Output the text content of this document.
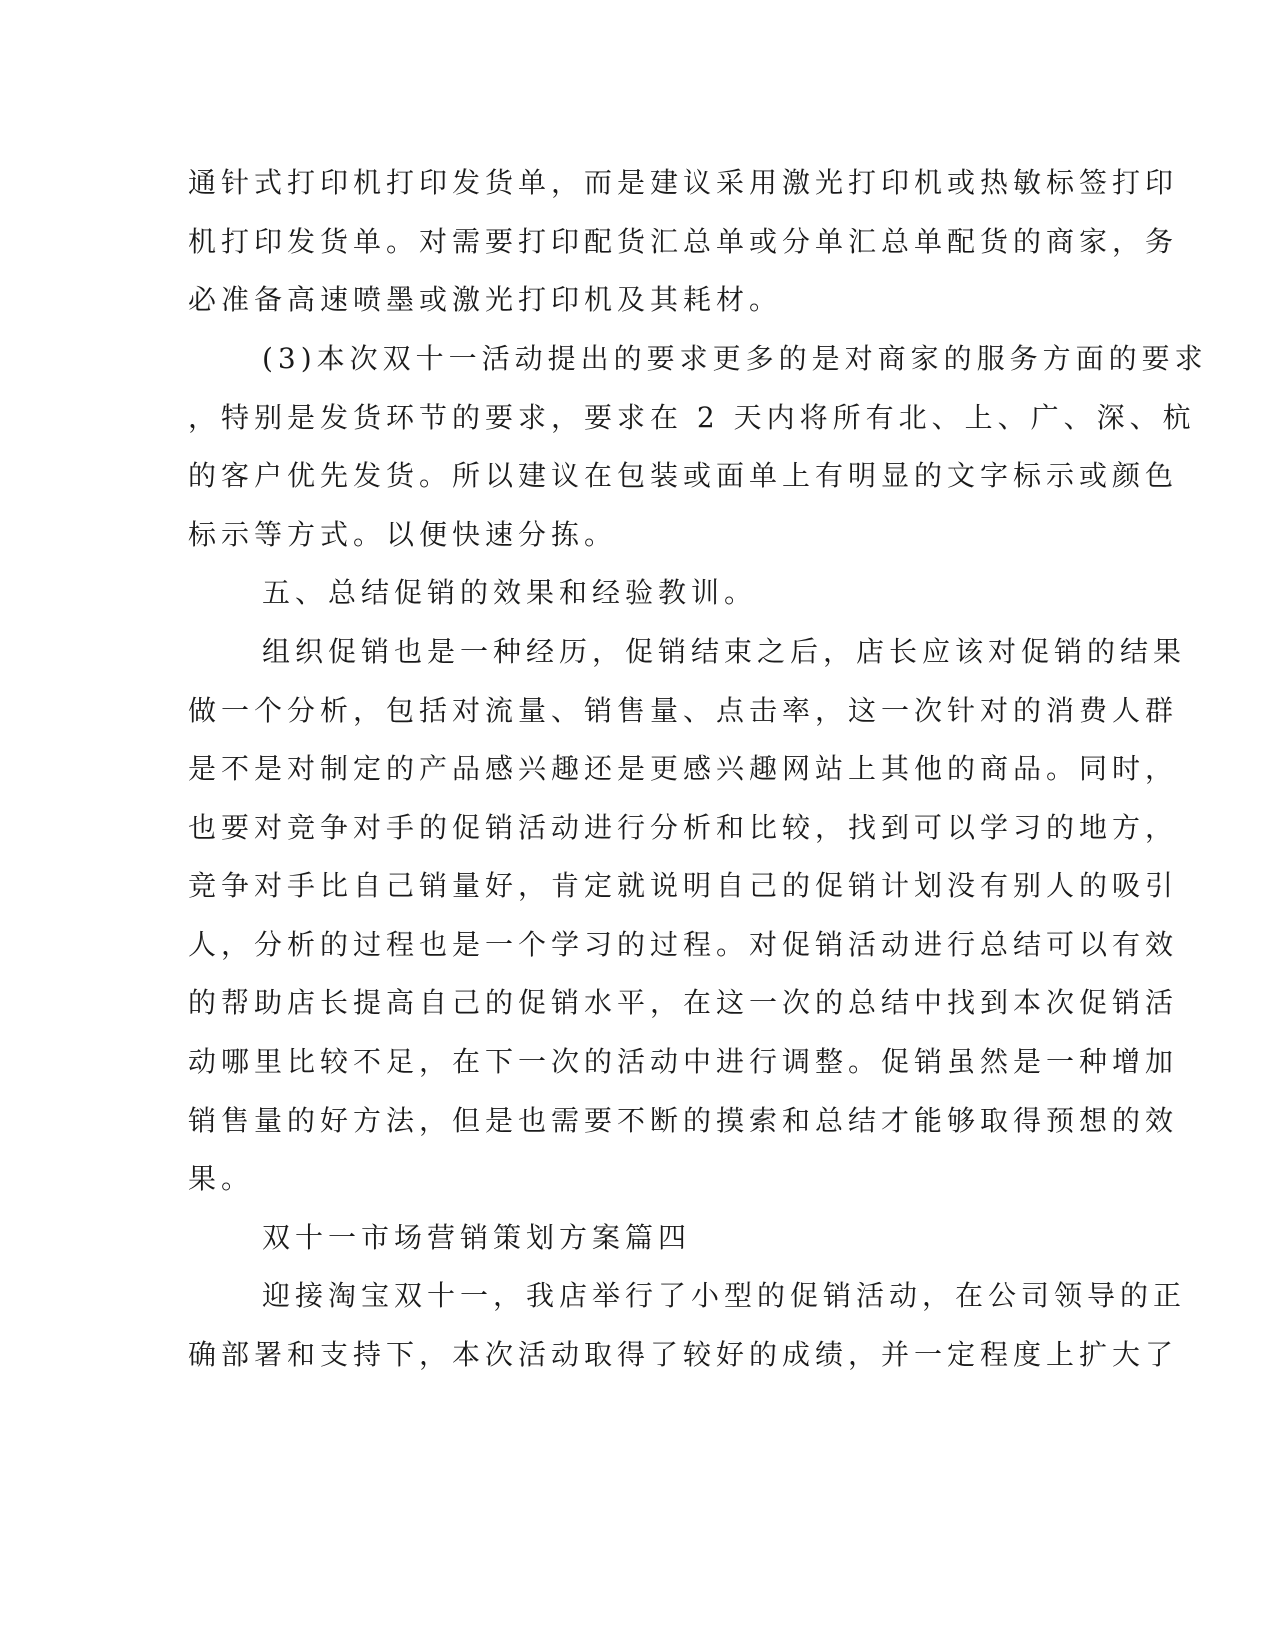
通针式打印机打印发货单，而是建议采用激光打印机或热敏标签打印
机打印发货单。对需要打印配货汇总单或分单汇总单配货的商家，务
必准备高速喷墨或激光打印机及其耗材。
(3)本次双十一活动提出的要求更多的是对商家的服务方面的要求
，特别是发货环节的要求，要求在 2 天内将所有北、上、广、深、杭
的客户优先发货。所以建议在包装或面单上有明显的文字标示或颜色
标示等方式。以便快速分拣。
五、总结促销的效果和经验教训。
组织促销也是一种经历，促销结束之后，店长应该对促销的结果
做一个分析，包括对流量、销售量、点击率，这一次针对的消费人群
是不是对制定的产品感兴趣还是更感兴趣网站上其他的商品。同时，
也要对竞争对手的促销活动进行分析和比较，找到可以学习的地方，
竞争对手比自己销量好，肯定就说明自己的促销计划没有别人的吸引
人，分析的过程也是一个学习的过程。对促销活动进行总结可以有效
的帮助店长提高自己的促销水平，在这一次的总结中找到本次促销活
动哪里比较不足，在下一次的活动中进行调整。促销虽然是一种增加
销售量的好方法，但是也需要不断的摸索和总结才能够取得预想的效
果。
双十一市场营销策划方案篇四
迎接淘宝双十一，我店举行了小型的促销活动，在公司领导的正
确部署和支持下，本次活动取得了较好的成绩，并一定程度上扩大了
